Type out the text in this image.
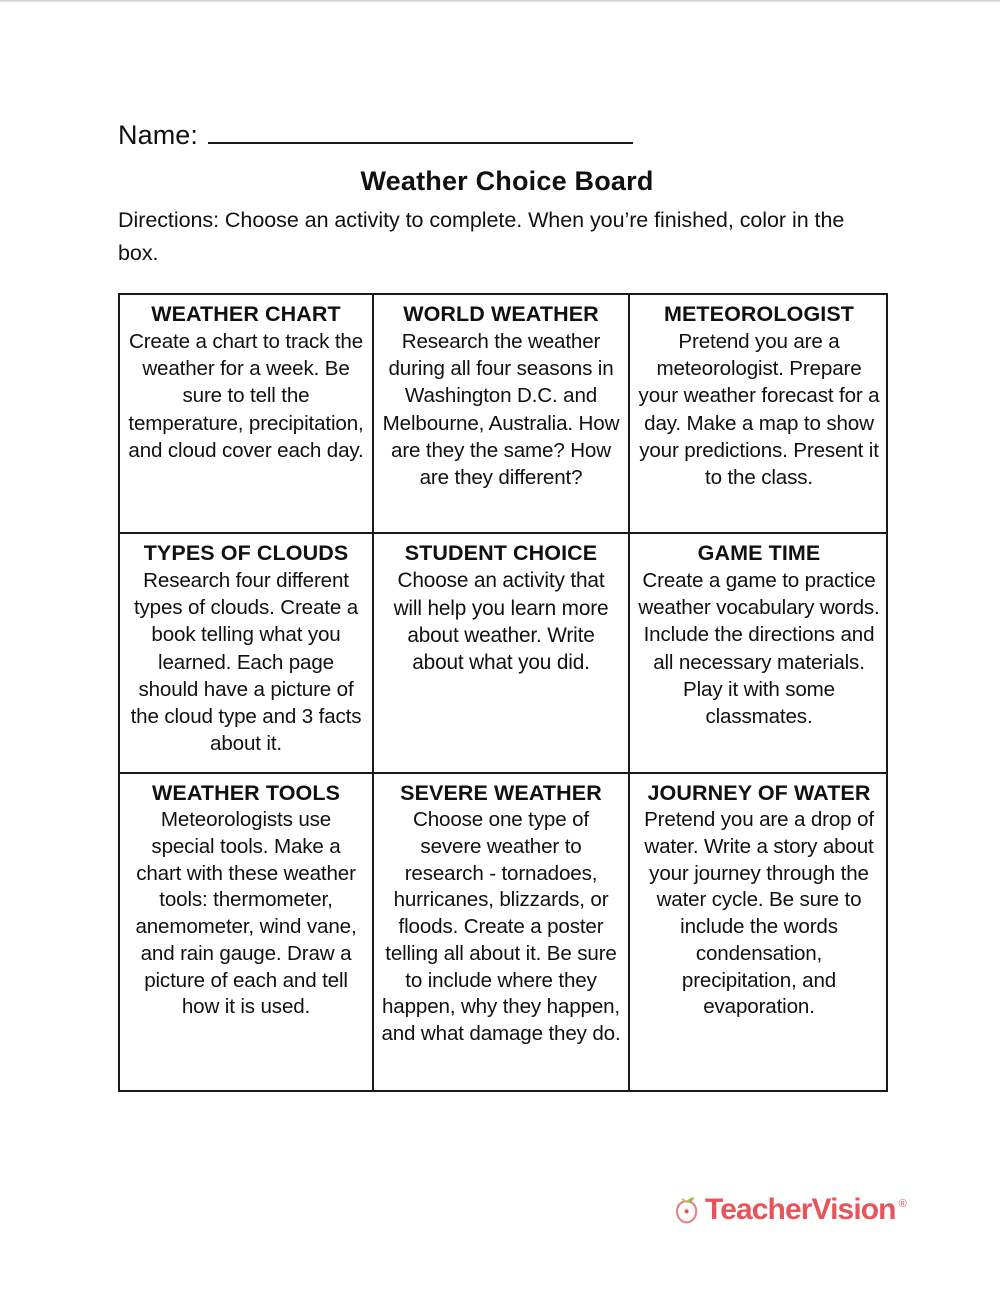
Name:
Weather Choice Board
Directions: Choose an activity to complete. When you’re finished, color in the box.
WEATHER CHART
Create a chart to track the weather for a week. Be sure to tell the temperature, precipitation, and cloud cover each day.
WORLD WEATHER
Research the weather during all four seasons in Washington D.C. and Melbourne, Australia. How are they the same? How are they different?
METEOROLOGIST
Pretend you are a meteorologist. Prepare your weather forecast for a day. Make a map to show your predictions. Present it to the class.
TYPES OF CLOUDS
Research four different types of clouds. Create a book telling what you learned. Each page should have a picture of the cloud type and 3 facts about it.
STUDENT CHOICE
Choose an activity that will help you learn more about weather. Write about what you did.
GAME TIME
Create a game to practice weather vocabulary words. Include the directions and all necessary materials. Play it with some classmates.
WEATHER TOOLS
Meteorologists use special tools. Make a chart with these weather tools: thermometer, anemometer, wind vane, and rain gauge. Draw a picture of each and tell how it is used.
SEVERE WEATHER
Choose one type of severe weather to research - tornadoes, hurricanes, blizzards, or floods. Create a poster telling all about it. Be sure to include where they happen, why they happen, and what damage they do.
JOURNEY OF WATER
Pretend you are a drop of water. Write a story about your journey through the water cycle. Be sure to include the words condensation, precipitation, and evaporation.
TeacherVision ®
